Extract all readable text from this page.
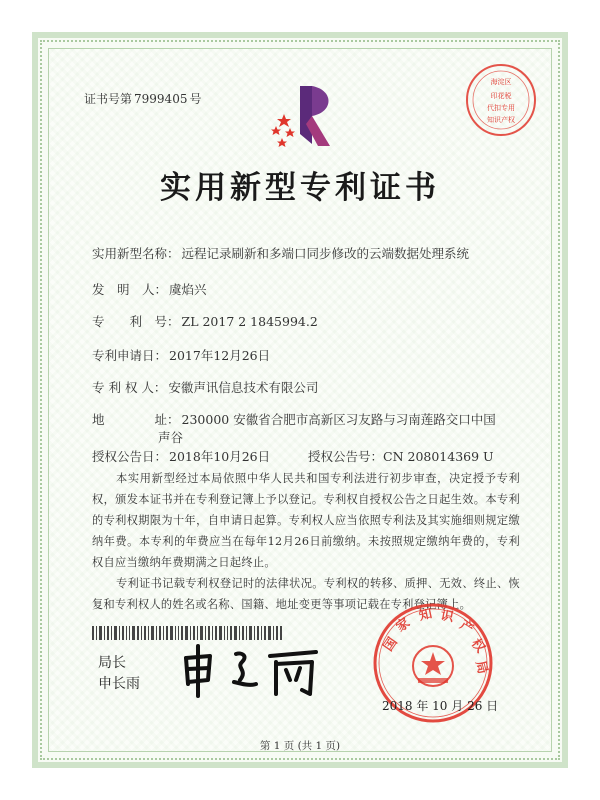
证书号第 7999405 号
海淀区
印花税
代扣专用
知识产权
实用新型专利证书
实用新型名称： 远程记录刷新和多端口同步修改的云端数据处理系统
发　明　人： 虞焰兴
专　　利　号： ZL 2017 2 1845994.2
专利申请日： 2017年12月26日
专 利 权 人： 安徽声讯信息技术有限公司
地　　　　址： 230000 安徽省合肥市高新区习友路与习南莲路交口中国
声谷
授权公告日： 2018年10月26日	授权公告号：CN 208014369 U
本实用新型经过本局依照中华人民共和国专利法进行初步审查，决定授予专利权，颁发本证书并在专利登记簿上予以登记。专利权自授权公告之日起生效。本专利的专利权期限为十年，自申请日起算。专利权人应当依照专利法及其实施细则规定缴纳年费。本专利的年费应当在每年12月26日前缴纳。未按照规定缴纳年费的，专利权自应当缴纳年费期满之日起终止。
专利证书记载专利权登记时的法律状况。专利权的转移、质押、无效、终止、恢复和专利权人的姓名或名称、国籍、地址变更等事项记载在专利登记簿上。
局长
申长雨
国
家
知 识
产
权
局
2018 年 10 月 26 日
第 1 页 (共 1 页)
